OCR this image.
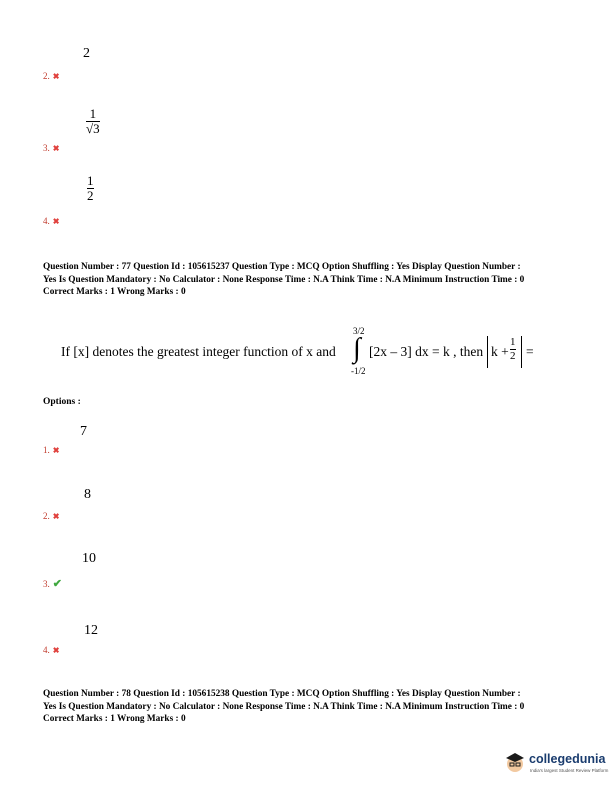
2
2. ✖
1
√3
3. ✖
1
2
4. ✖
Question Number : 77 Question Id : 105615237 Question Type : MCQ Option Shuffling : Yes Display Question Number :
Yes Is Question Mandatory : No Calculator : None Response Time : N.A Think Time : N.A Minimum Instruction Time : 0
Correct Marks : 1 Wrong Marks : 0
If [x] denotes the greatest integer function of x and
3/2
∫
-1/2
[2x – 3] dx = k , then k +
1
2 =
Options :
7
1. ✖
8
2. ✖
10
3. ✔
12
4. ✖
Question Number : 78 Question Id : 105615238 Question Type : MCQ Option Shuffling : Yes Display Question Number :
Yes Is Question Mandatory : No Calculator : None Response Time : N.A Think Time : N.A Minimum Instruction Time : 0
Correct Marks : 1 Wrong Marks : 0
collegedunia
India's largest Student Review Platform
